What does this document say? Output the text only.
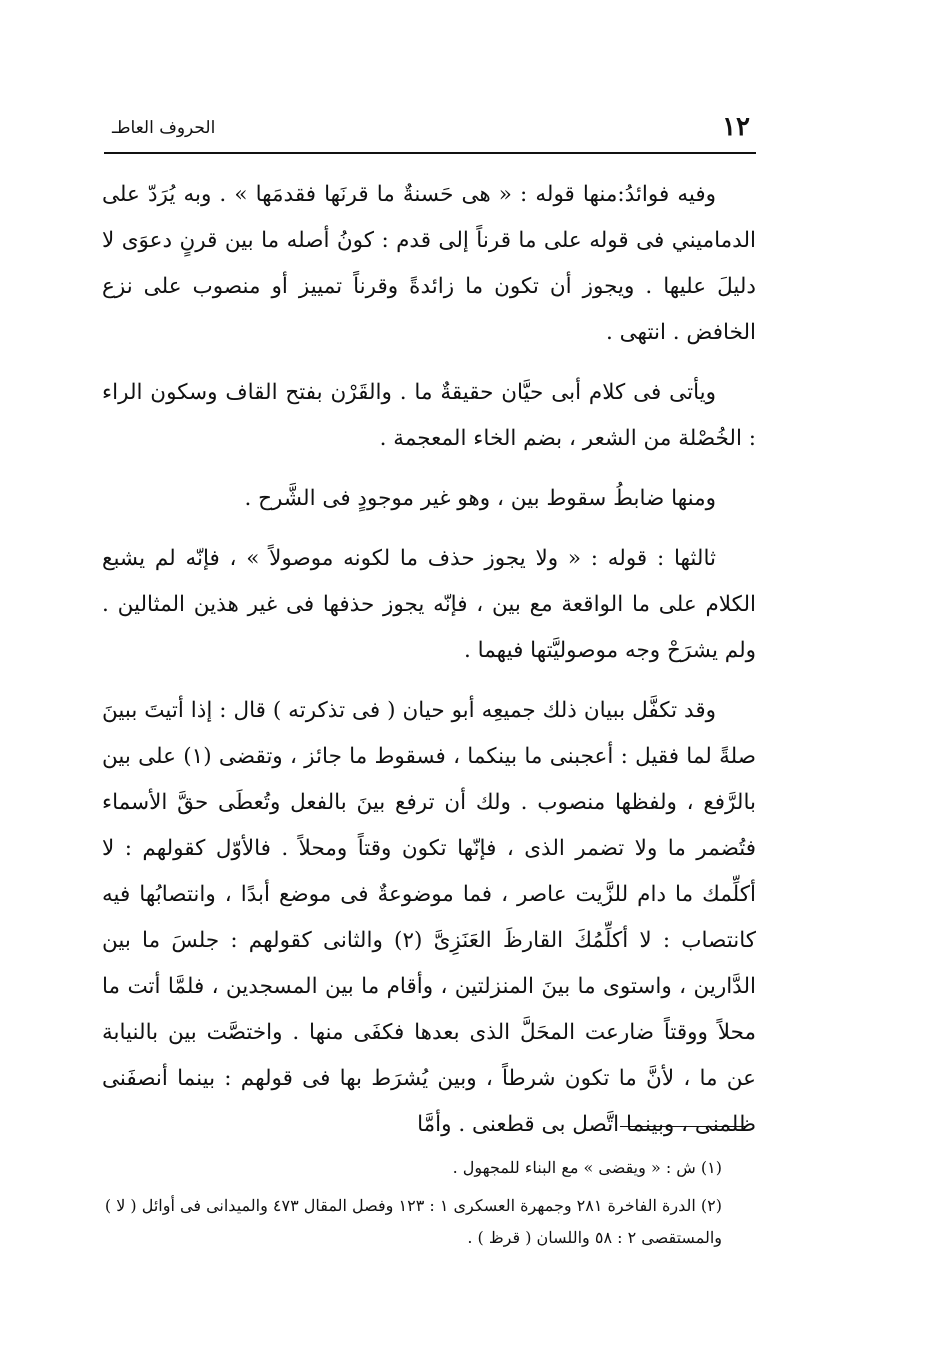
١٢
الحروف العاطـ

وفيه فوائدُ:منها قوله : « هى حَسنةٌ ما قرنَها فقدمَها » . وبه يُرَدّ على الدماميني فى قوله على ما قرناً إلى قدم : كونُ أصله ما بين قرنٍ دعوَى لا دليلَ عليها . ويجوز أن تكون ما زائدةً وقرناً تمييز أو منصوب على نزع الخافض . انتهى .

ويأتى فى كلام أبى حيَّان حقيقةٌ ما . والقَرْن بفتح القاف وسكون الراء : الخُصْلة من الشعر ، بضم الخاء المعجمة .

ومنها ضابطُ سقوط بين ، وهو غير موجودٍ فى الشَّرح .

ثالثها : قوله : « ولا يجوز حذف ما لكونه موصولاً » ، فإنّه لم يشبع الكلام على ما الواقعة مع بين ، فإنّه يجوز حذفها فى غير هذين المثالين . ولم يشرَحْ وجه موصوليَّتها فيهما .

وقد تكفَّل ببيان ذلك جميعِه أبو حيان ( فى تذكرته ) قال : إذا أتيتَ ببينَ صلةً لما فقيل : أعجبنى ما بينكما ، فسقوط ما جائز ، وتقضى (١) على بين بالرَّفع ، ولفظها منصوب . ولك أن ترفع بينَ بالفعل وتُعطَى حقَّ الأسماء فتُضمر ما ولا تضمر الذى ، فإنّها تكون وقتاً ومحلاً . فالأوّل كقولهم : لا أكلِّمك ما دام للزَّيت عاصر ، فما موضوعةٌ فى موضع أبدًا ، وانتصابُها فيه كانتصاب : لا أكلِّمُكَ القارظَ العَنَزِىَّ (٢) والثانى كقولهم : جلسَ ما بين الدَّارين ، واستوى ما بينَ المنزلتين ، وأقام ما بين المسجدين ، فلمَّا أتت ما محلاً ووقتاً ضارعت المحَلَّ الذى بعدها فكفَى منها . واختصَّت بين بالنيابة عن ما ، لأنَّ ما تكون شرطاً ، وبين يُشرَط بها فى قولهم : بينما أنصفَنى ظلمنى ، وبينما اتَّصل بى قطعنى . وأمَّا

(١) ش : « ويقضى » مع البناء للمجهول .

(٢) الدرة الفاخرة ٢٨١ وجمهرة العسكرى ١ : ١٢٣ وفصل المقال ٤٧٣ والميدانى فى أوائل ( لا ) والمستقصى ٢ : ٥٨ واللسان ( قرظ ) .
